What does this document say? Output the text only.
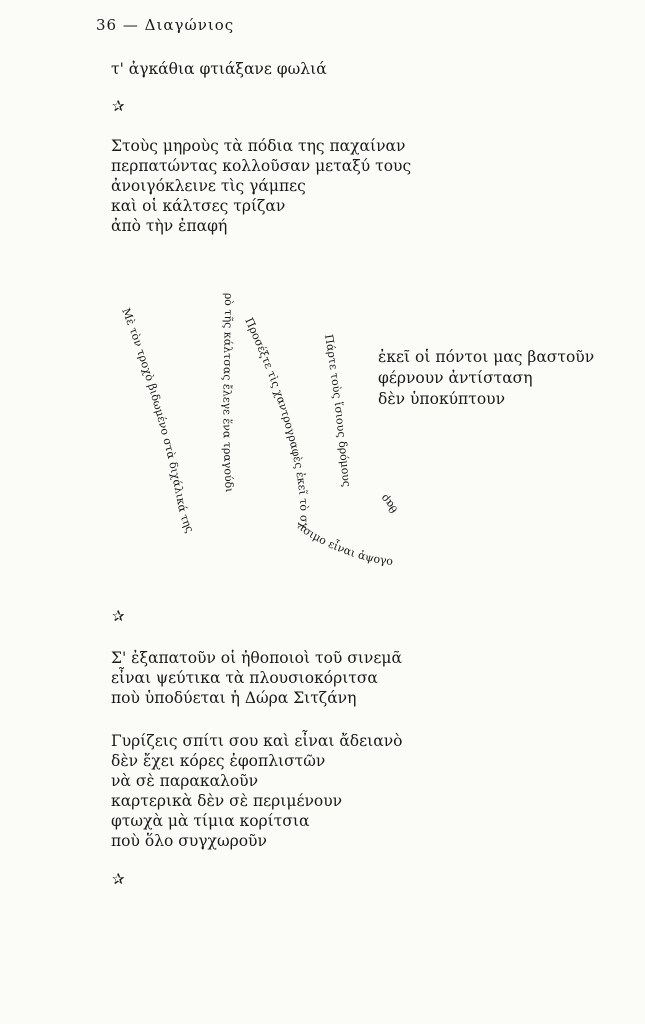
36 — Διαγώνιος
τ' ἀγκάθια φτιάξανε φωλιά
✰
Στοὺς μηροὺς τὰ πόδια της παχαίναν
περπατώντας κολλοῦσαν μεταξύ τους
ἀνοιγόκλεινε τὶς γάμπες
καὶ οἱ κάλτσες τρίζαν
ἀπὸ τὴν ἐπαφή
Μὲ τὸν τροχὸ βιδωμένο στὰ διχάλικά της
ρὸ τῆς κάλτσας ἔλεγε ἕνα τραγούδι
Προσέξτε τὶς χαντρογραφὲς ἐκεῖ τὸ σχίσιμο εἶναι ἀψογο
Πάρτε τοὺς ἴσιους δρόμους
θαρ
ἐκεῖ οἱ πόντοι μας βαστοῦν
φέρνουν ἀντίσταση
δὲν ὑποκύπτουν
✰
Σ' ἐξαπατοῦν οἱ ἠθοποιοὶ τοῦ σινεμᾶ
εἶναι ψεύτικα τὰ πλουσιοκόριτσα
ποὺ ὑποδύεται ἡ Δώρα Σιτζάνη
Γυρίζεις σπίτι σου καὶ εἶναι ἄδειανὸ
δὲν ἔχει κόρες ἐφοπλιστῶν
νὰ σὲ παρακαλοῦν
καρτερικὰ δὲν σὲ περιμένουν
φτωχὰ μὰ τίμια κορίτσια
ποὺ ὅλο συγχωροῦν
✰
